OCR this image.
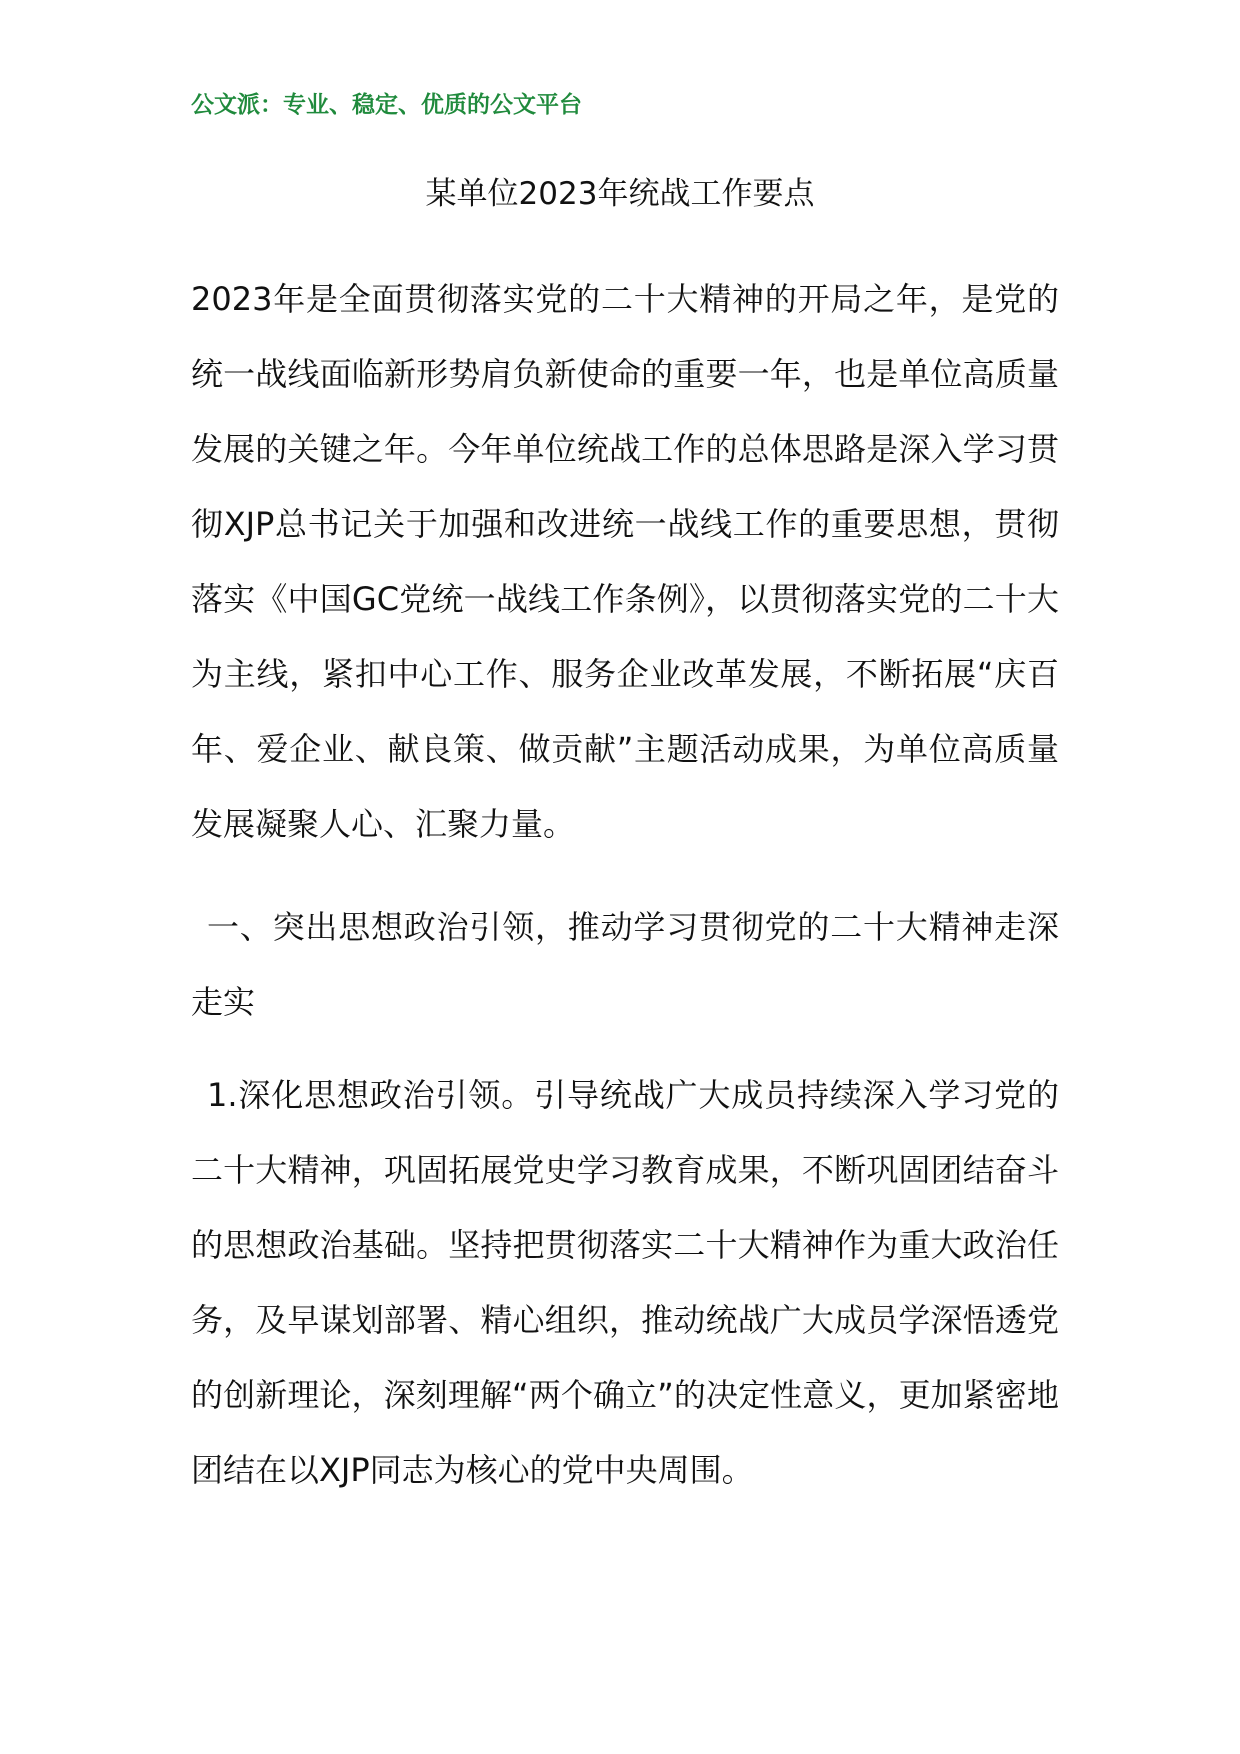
公文派：专业、稳定、优质的公文平台
某单位2023年统战工作要点

2023年是全面贯彻落实党的二十大精神的开局之年，是党的统一战线面临新形势肩负新使命的重要一年，也是单位高质量发展的关键之年。今年单位统战工作的总体思路是深入学习贯彻XJP总书记关于加强和改进统一战线工作的重要思想，贯彻落实《中国GC党统一战线工作条例》，以贯彻落实党的二十大为主线，紧扣中心工作、服务企业改革发展，不断拓展“庆百年、爱企业、献良策、做贡献”主题活动成果，为单位高质量发展凝聚人心、汇聚力量。

一、突出思想政治引领，推动学习贯彻党的二十大精神走深走实

1.深化思想政治引领。引导统战广大成员持续深入学习党的二十大精神，巩固拓展党史学习教育成果，不断巩固团结奋斗的思想政治基础。坚持把贯彻落实二十大精神作为重大政治任务，及早谋划部署、精心组织，推动统战广大成员学深悟透党的创新理论，深刻理解“两个确立”的决定性意义，更加紧密地团结在以XJP同志为核心的党中央周围。
